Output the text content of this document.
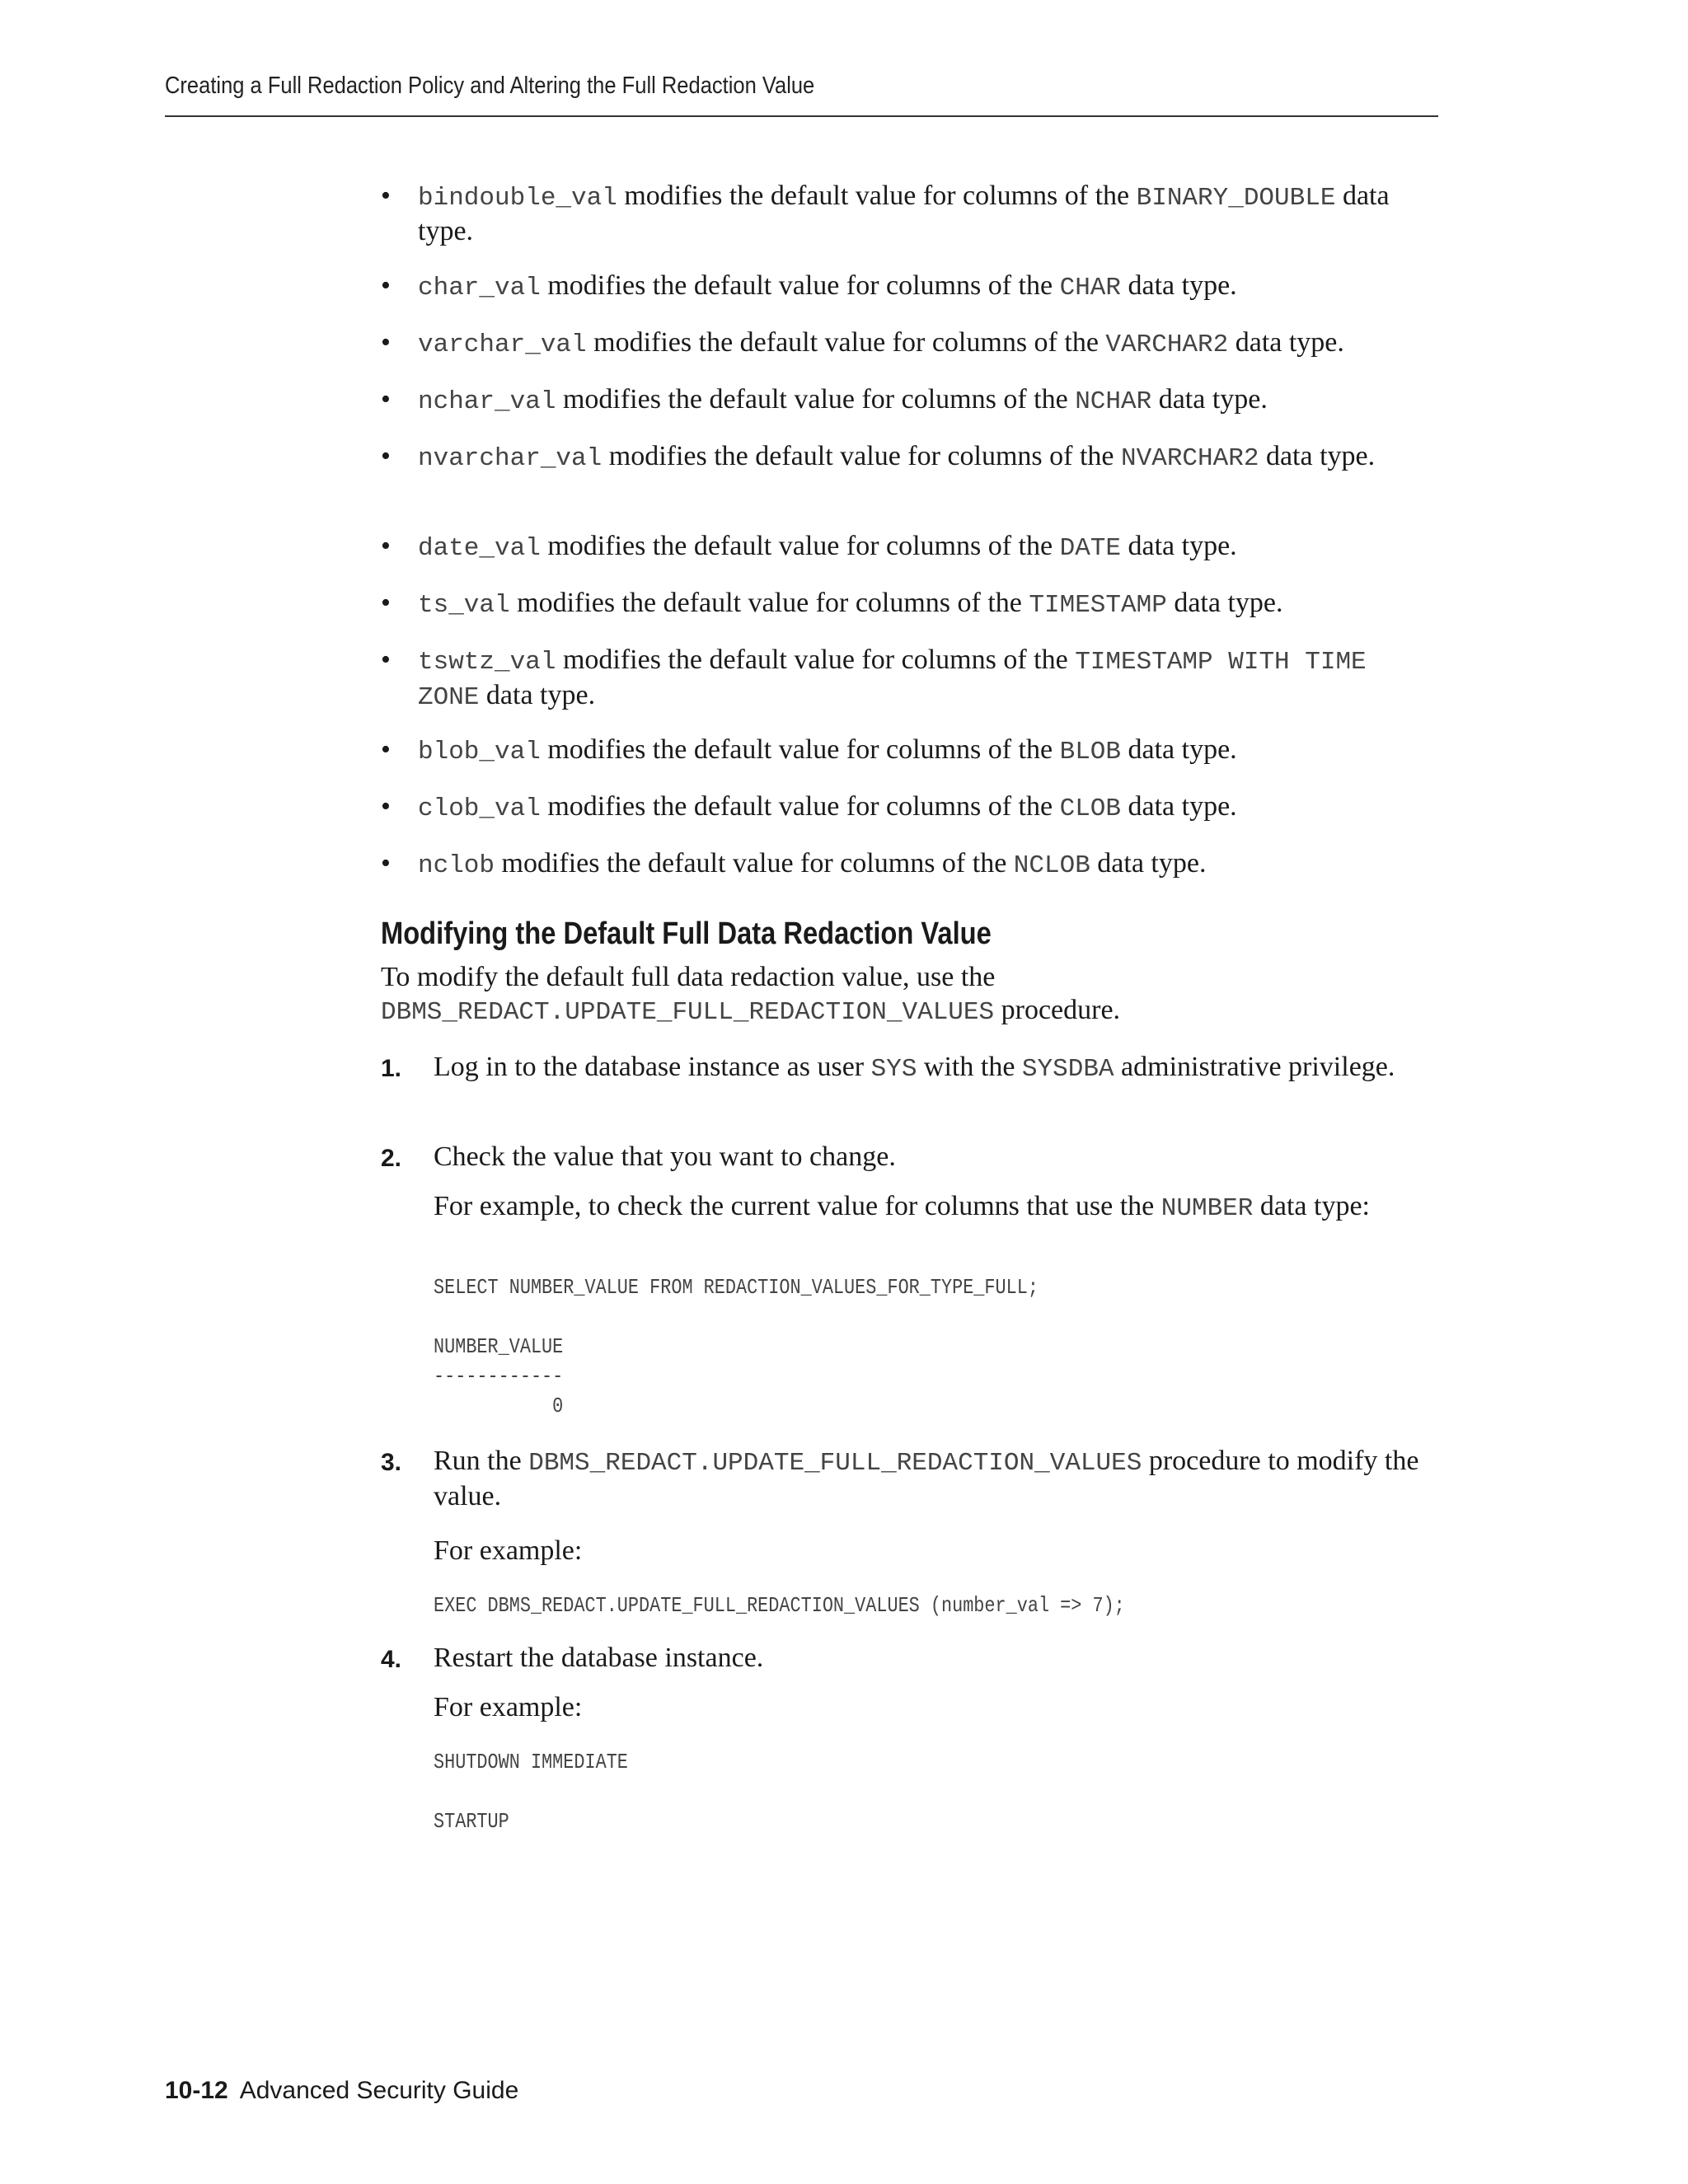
Creating a Full Redaction Policy and Altering the Full Redaction Value
• bindouble_val modifies the default value for columns of the BINARY_DOUBLE data type.
• char_val modifies the default value for columns of the CHAR data type.
• varchar_val modifies the default value for columns of the VARCHAR2 data type.
• nchar_val modifies the default value for columns of the NCHAR data type.
• nvarchar_val modifies the default value for columns of the NVARCHAR2 data type.
• date_val modifies the default value for columns of the DATE data type.
• ts_val modifies the default value for columns of the TIMESTAMP data type.
• tswtz_val modifies the default value for columns of the TIMESTAMP WITH TIME ZONE data type.
• blob_val modifies the default value for columns of the BLOB data type.
• clob_val modifies the default value for columns of the CLOB data type.
• nclob modifies the default value for columns of the NCLOB data type.
Modifying the Default Full Data Redaction Value
To modify the default full data redaction value, use the
DBMS_REDACT.UPDATE_FULL_REDACTION_VALUES procedure.
1. Log in to the database instance as user SYS with the SYSDBA administrative privilege.
2. Check the value that you want to change.
For example, to check the current value for columns that use the NUMBER data type:
SELECT NUMBER_VALUE FROM REDACTION_VALUES_FOR_TYPE_FULL;

NUMBER_VALUE
------------
0
3. Run the DBMS_REDACT.UPDATE_FULL_REDACTION_VALUES procedure to modify the value.
For example:
EXEC DBMS_REDACT.UPDATE_FULL_REDACTION_VALUES (number_val => 7);
4. Restart the database instance.
For example:
SHUTDOWN IMMEDIATE

STARTUP
10-12 Advanced Security Guide
